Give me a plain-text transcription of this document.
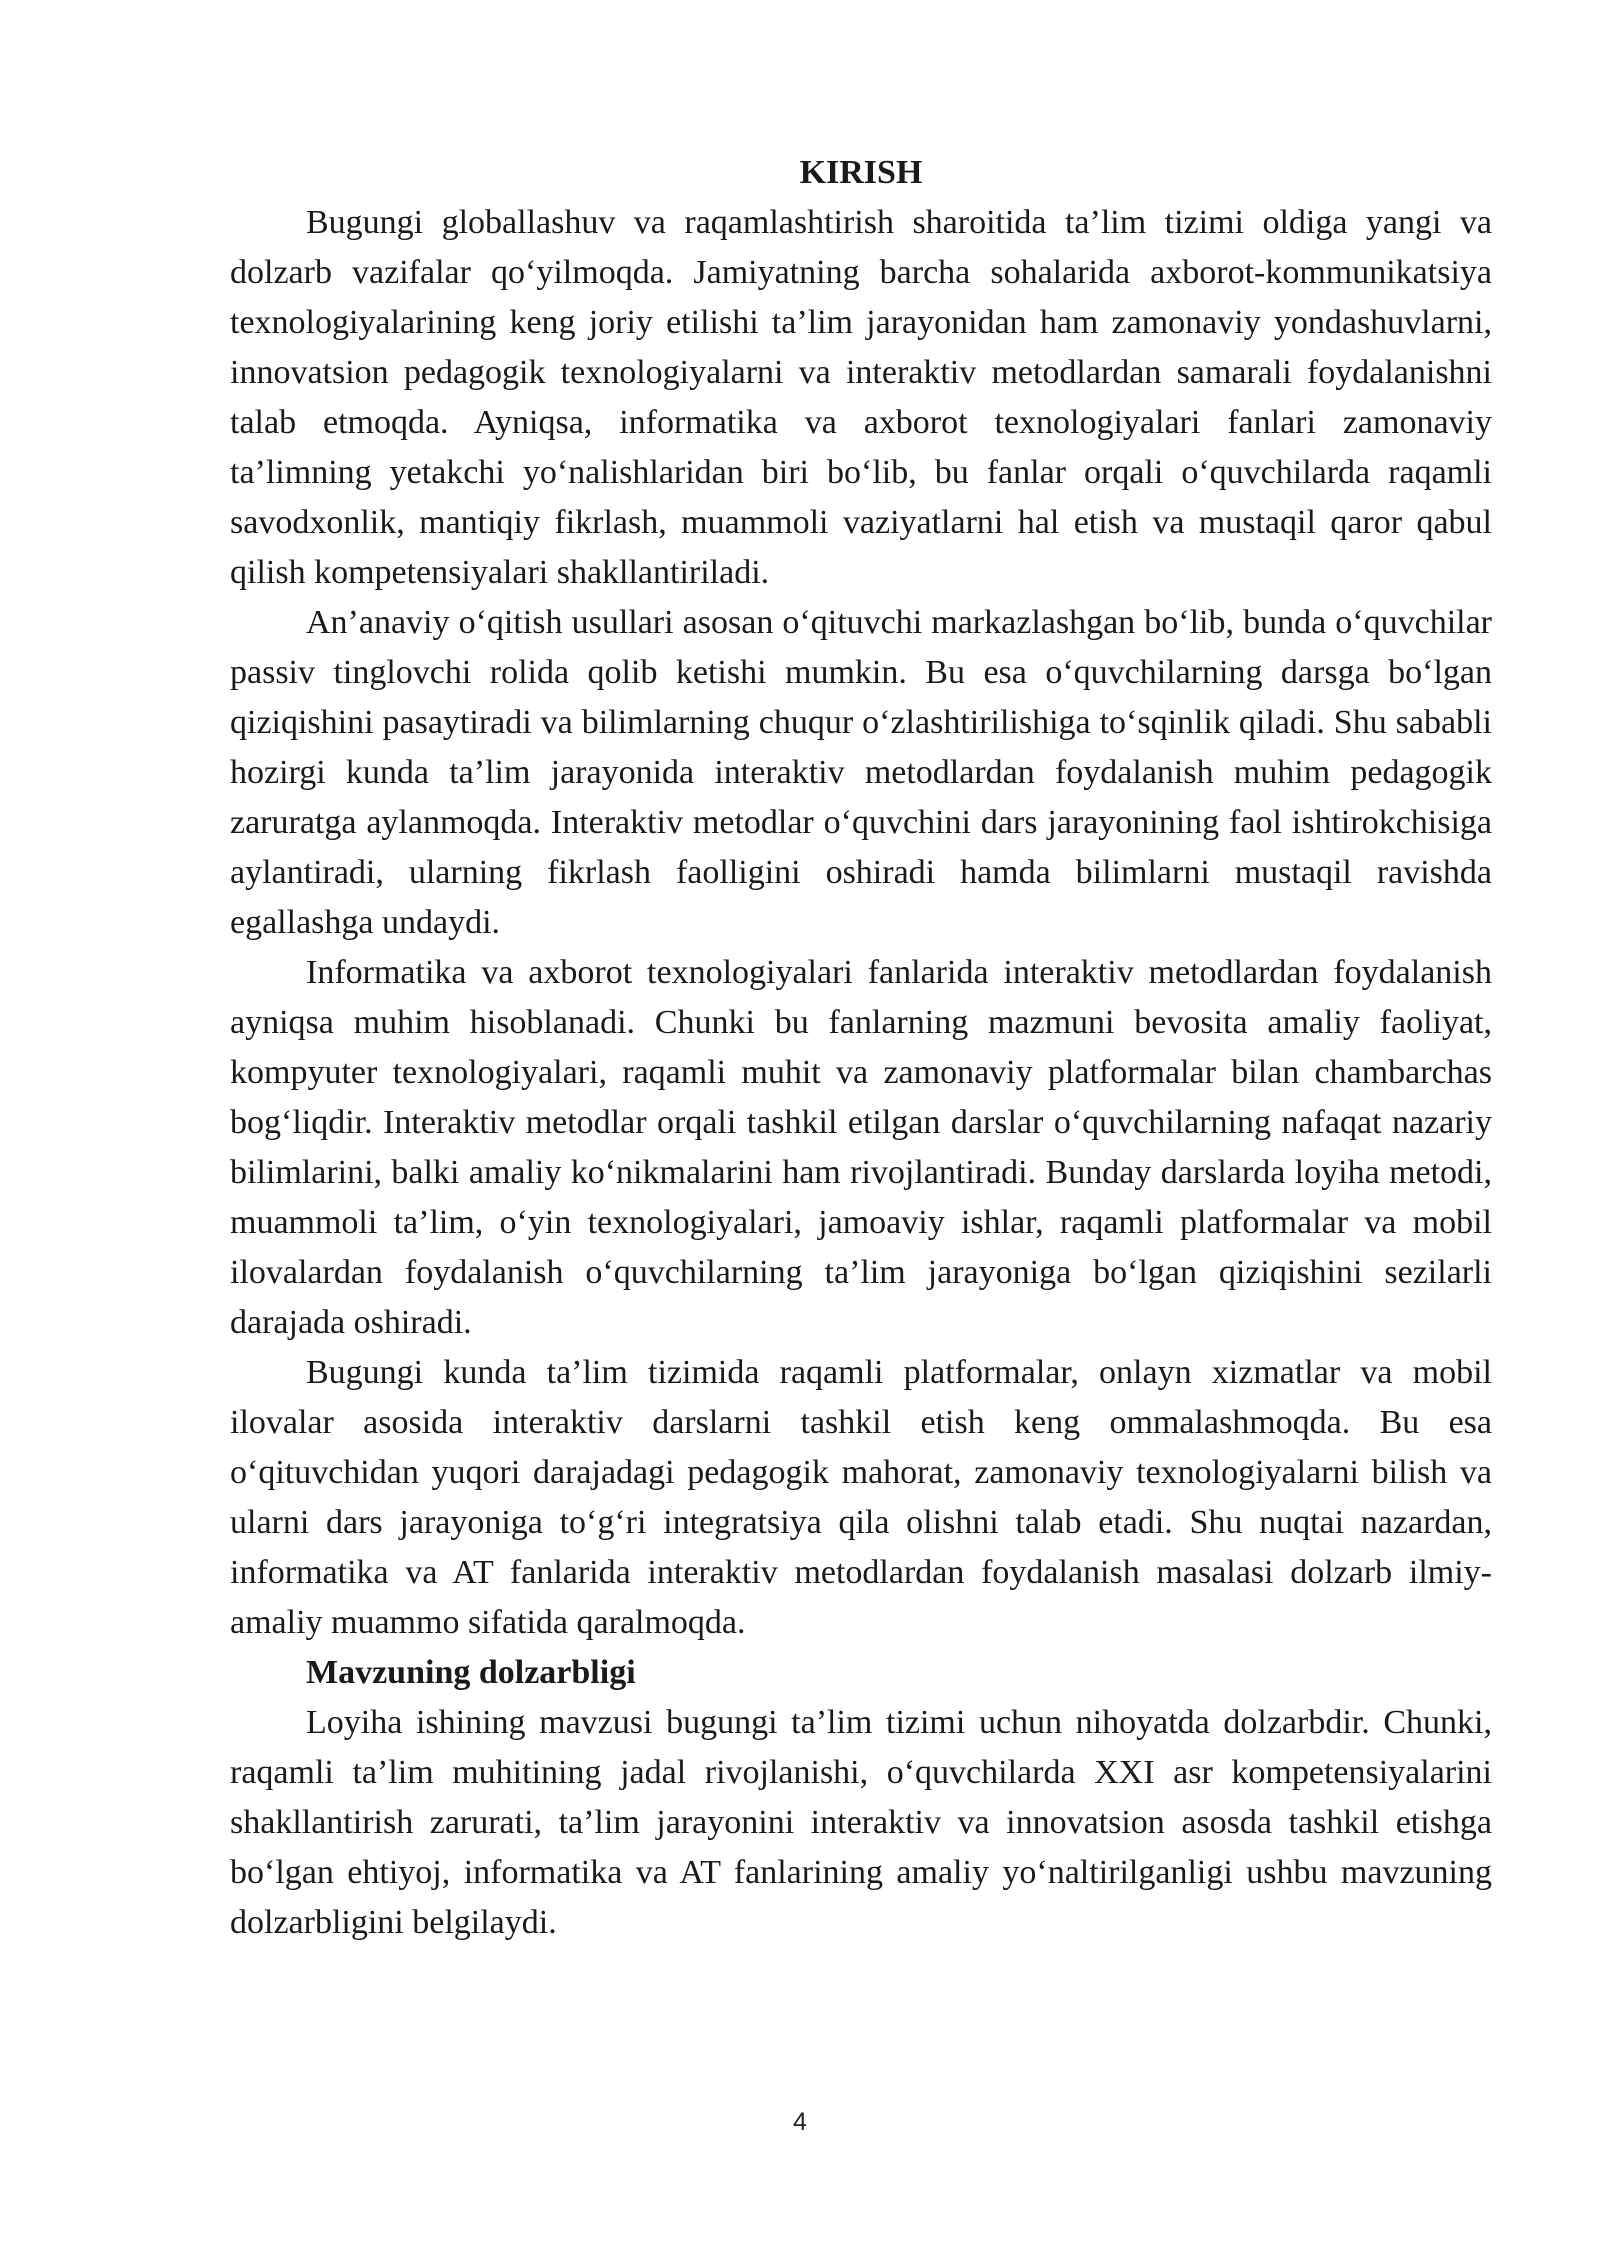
KIRISH

Bugungi globallashuv va raqamlashtirish sharoitida ta’lim tizimi oldiga yangi va dolzarb vazifalar qo‘yilmoqda. Jamiyatning barcha sohalarida axborot-kommunikatsiya texnologiyalarining keng joriy etilishi ta’lim jarayonidan ham zamonaviy yondashuvlarni, innovatsion pedagogik texnologiyalarni va interaktiv metodlardan samarali foydalanishni talab etmoqda. Ayniqsa, informatika va axborot texnologiyalari fanlari zamonaviy ta’limning yetakchi yo‘nalishlaridan biri bo‘lib, bu fanlar orqali o‘quvchilarda raqamli savodxonlik, mantiqiy fikrlash, muammoli vaziyatlarni hal etish va mustaqil qaror qabul qilish kompetensiyalari shakllantiriladi.

An’anaviy o‘qitish usullari asosan o‘qituvchi markazlashgan bo‘lib, bunda o‘quvchilar passiv tinglovchi rolida qolib ketishi mumkin. Bu esa o‘quvchilarning darsga bo‘lgan qiziqishini pasaytiradi va bilimlarning chuqur o‘zlashtirilishiga to‘sqinlik qiladi. Shu sababli hozirgi kunda ta’lim jarayonida interaktiv metodlardan foydalanish muhim pedagogik zaruratga aylanmoqda. Interaktiv metodlar o‘quvchini dars jarayonining faol ishtirokchisiga aylantiradi, ularning fikrlash faolligini oshiradi hamda bilimlarni mustaqil ravishda egallashga undaydi.

Informatika va axborot texnologiyalari fanlarida interaktiv metodlardan foydalanish ayniqsa muhim hisoblanadi. Chunki bu fanlarning mazmuni bevosita amaliy faoliyat, kompyuter texnologiyalari, raqamli muhit va zamonaviy platformalar bilan chambarchas bog‘liqdir. Interaktiv metodlar orqali tashkil etilgan darslar o‘quvchilarning nafaqat nazariy bilimlarini, balki amaliy ko‘nikmalarini ham rivojlantiradi. Bunday darslarda loyiha metodi, muammoli ta’lim, o‘yin texnologiyalari, jamoaviy ishlar, raqamli platformalar va mobil ilovalardan foydalanish o‘quvchilarning ta’lim jarayoniga bo‘lgan qiziqishini sezilarli darajada oshiradi.

Bugungi kunda ta’lim tizimida raqamli platformalar, onlayn xizmatlar va mobil ilovalar asosida interaktiv darslarni tashkil etish keng ommalashmoqda. Bu esa o‘qituvchidan yuqori darajadagi pedagogik mahorat, zamonaviy texnologiyalarni bilish va ularni dars jarayoniga to‘g‘ri integratsiya qila olishni talab etadi. Shu nuqtai nazardan, informatika va AT fanlarida interaktiv metodlardan foydalanish masalasi dolzarb ilmiy-amaliy muammo sifatida qaralmoqda.

Mavzuning dolzarbligi

Loyiha ishining mavzusi bugungi ta’lim tizimi uchun nihoyatda dolzarbdir. Chunki, raqamli ta’lim muhitining jadal rivojlanishi, o‘quvchilarda XXI asr kompetensiyalarini shakllantirish zarurati, ta’lim jarayonini interaktiv va innovatsion asosda tashkil etishga bo‘lgan ehtiyoj, informatika va AT fanlarining amaliy yo‘naltirilganligi ushbu mavzuning dolzarbligini belgilaydi.

4
